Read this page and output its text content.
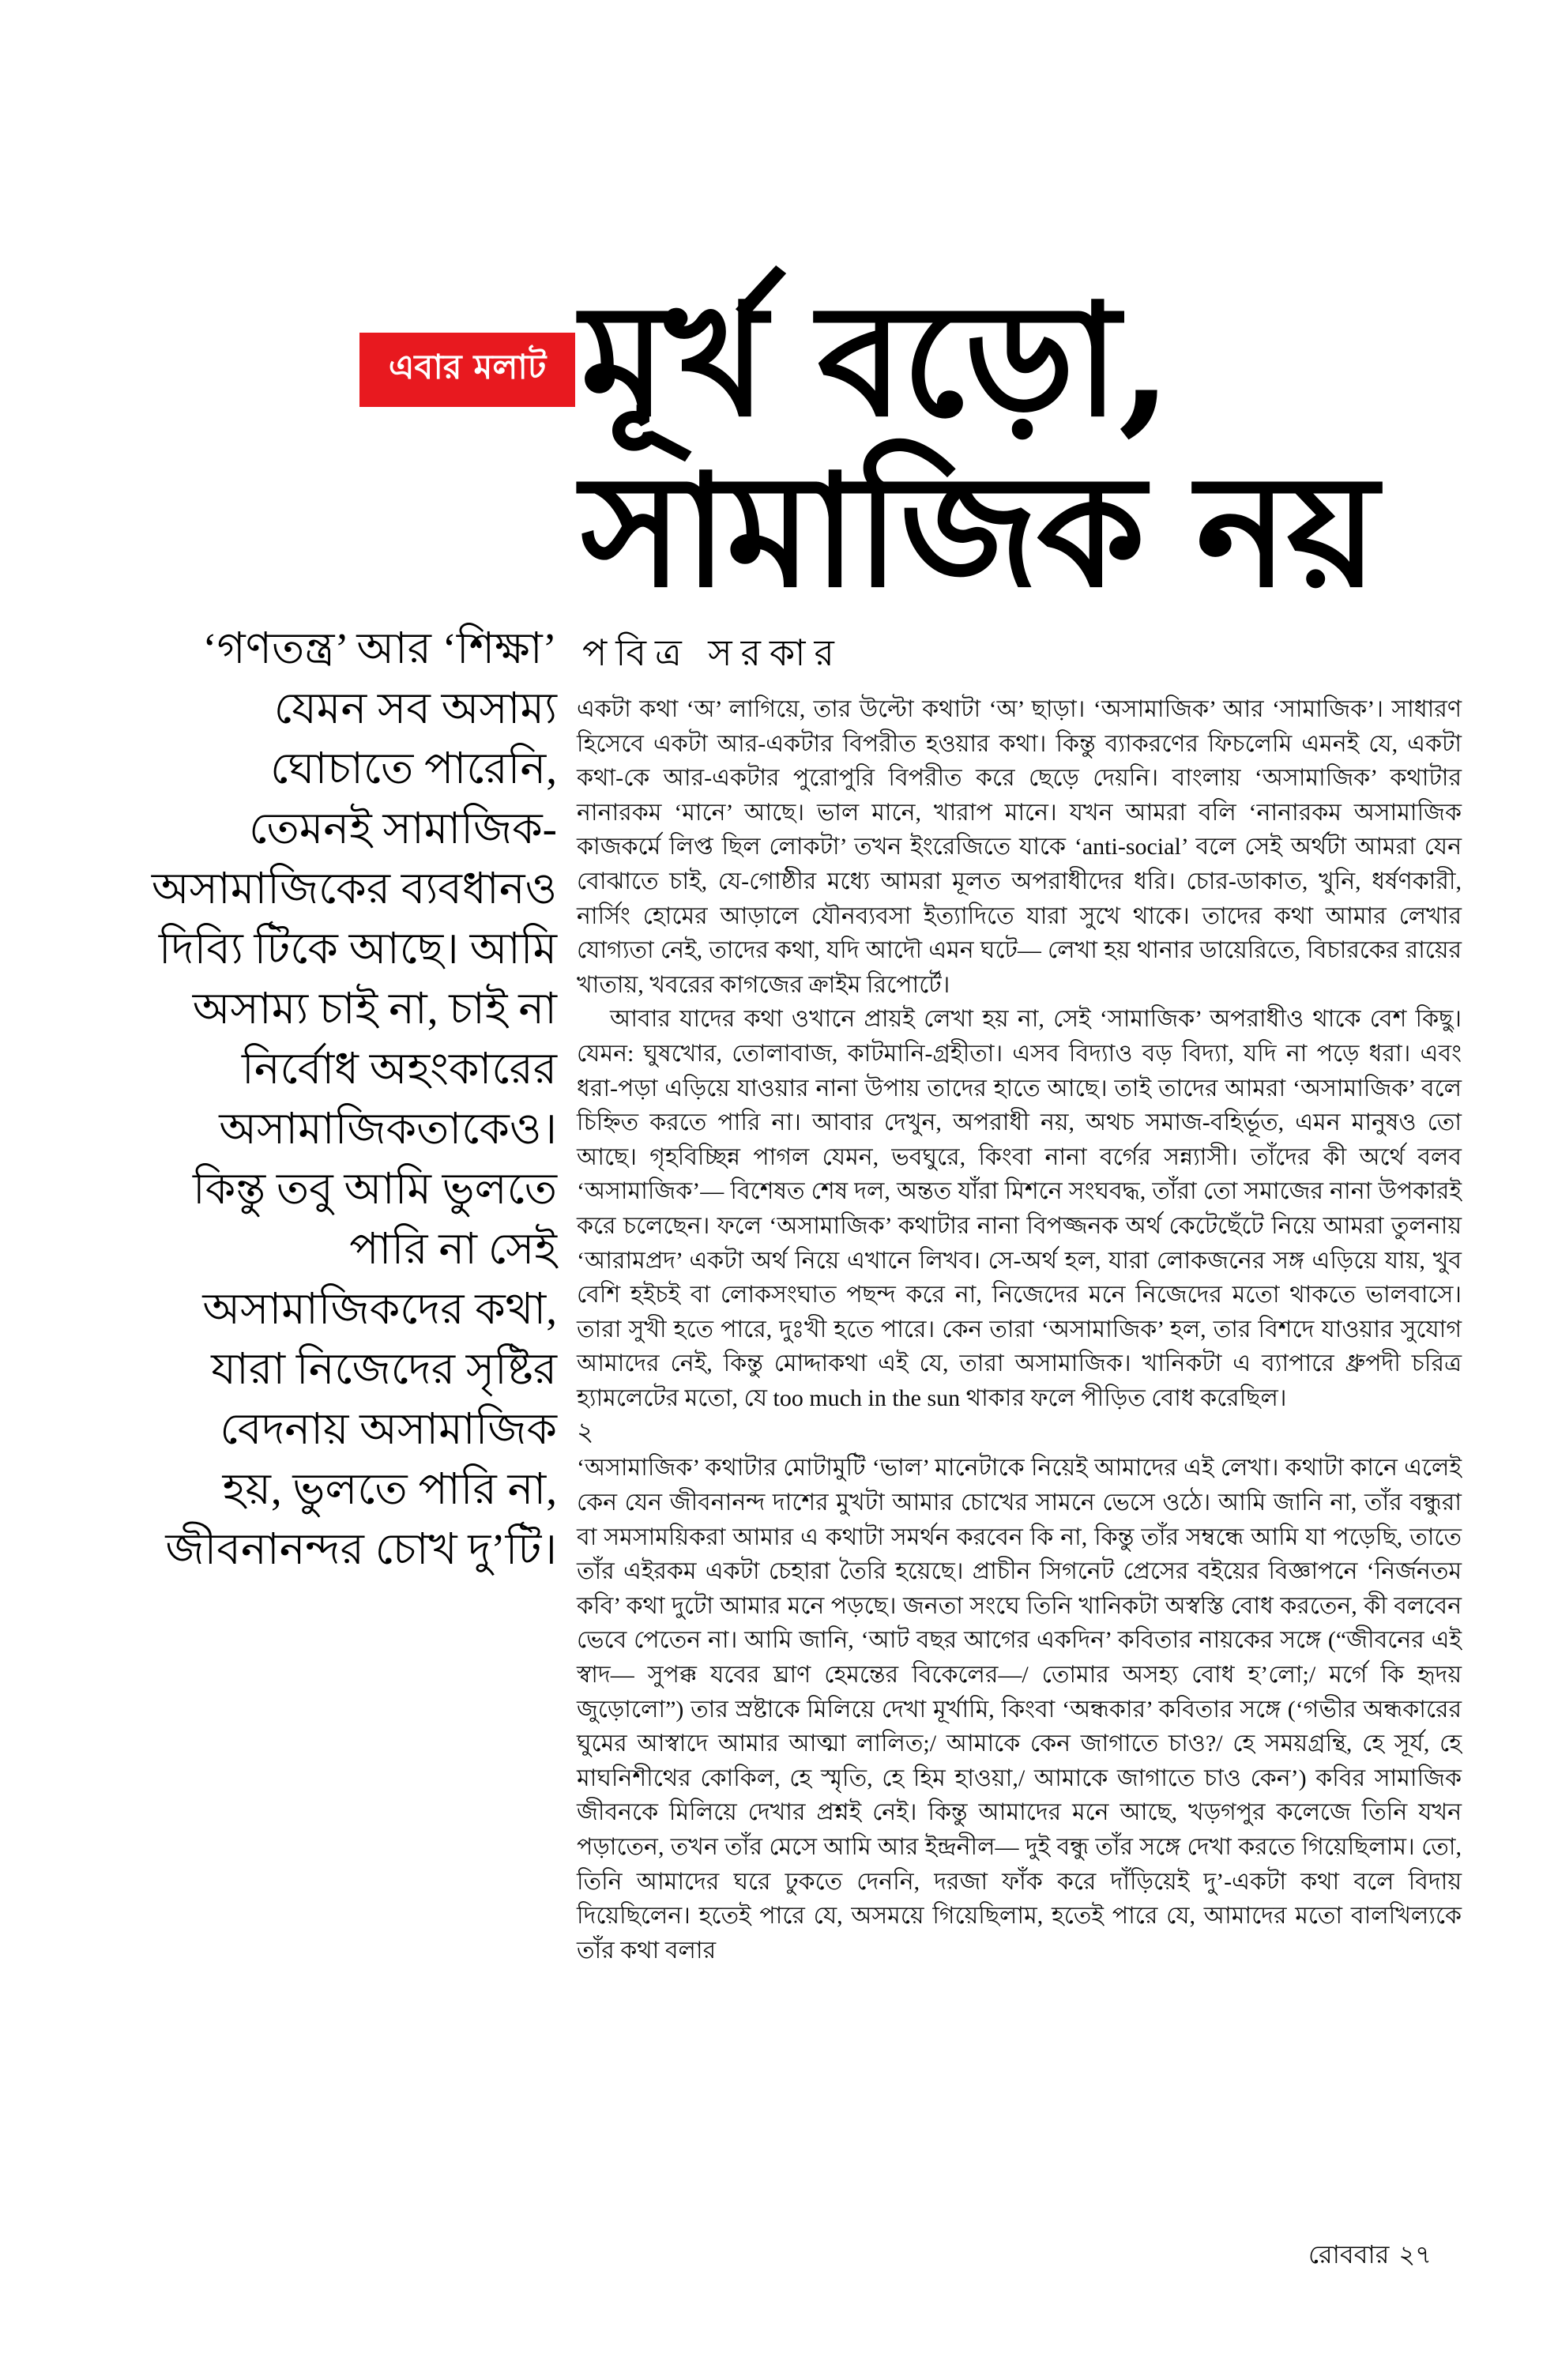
এবার মলাট মূর্খ বড়ো,
সামাজিক নয়
পবিত্র সরকার
‘গণতন্ত্র’ আর ‘শিক্ষা’
যেমন সব অসাম্য
ঘোচাতে পারেনি,
তেমনই সামাজিক-
অসামাজিকের ব্যবধানও
দিব্যি টিকে আছে। আমি
অসাম্য চাই না, চাই না
নির্বোধ অহংকারের
অসামাজিকতাকেও।
কিন্তু তবু আমি ভুলতে
পারি না সেই
অসামাজিকদের কথা,
যারা নিজেদের সৃষ্টির
বেদনায় অসামাজিক
হয়, ভুলতে পারি না,
জীবনানন্দর চোখ দু’টি।

একটা কথা ‘অ’ লাগিয়ে, তার উল্টো কথাটা ‘অ’ ছাড়া। ‘অসামাজিক’ আর ‘সামাজিক’। সাধারণ হিসেবে একটা আর-একটার বিপরীত হওয়ার কথা। কিন্তু ব্যাকরণের ফিচলেমি এমনই যে, একটা কথা-কে আর-একটার পুরোপুরি বিপরীত করে ছেড়ে দেয়নি। বাংলায় ‘অসামাজিক’ কথাটার নানারকম ‘মানে’ আছে। ভাল মানে, খারাপ মানে। যখন আমরা বলি ‘নানারকম অসামাজিক কাজকর্মে লিপ্ত ছিল লোকটা’ তখন ইংরেজিতে যাকে ‘anti-social’ বলে সেই অর্থটা আমরা যেন বোঝাতে চাই, যে-গোষ্ঠীর মধ্যে আমরা মূলত অপরাধীদের ধরি। চোর-ডাকাত, খুনি, ধর্ষণকারী, নার্সিং হোমের আড়ালে যৌনব্যবসা ইত্যাদিতে যারা সুখে থাকে। তাদের কথা আমার লেখার যোগ্যতা নেই, তাদের কথা, যদি আদৌ এমন ঘটে— লেখা হয় থানার ডায়েরিতে, বিচারকের রায়ের খাতায়, খবরের কাগজের ক্রাইম রিপোর্টে।

আবার যাদের কথা ওখানে প্রায়ই লেখা হয় না, সেই ‘সামাজিক’ অপরাধীও থাকে বেশ কিছু। যেমন: ঘুষখোর, তোলাবাজ, কাটমানি-গ্রহীতা। এসব বিদ্যাও বড় বিদ্যা, যদি না পড়ে ধরা। এবং ধরা-পড়া এড়িয়ে যাওয়ার নানা উপায় তাদের হাতে আছে। তাই তাদের আমরা ‘অসামাজিক’ বলে চিহ্নিত করতে পারি না। আবার দেখুন, অপরাধী নয়, অথচ সমাজ-বহির্ভূত, এমন মানুষও তো আছে। গৃহবিচ্ছিন্ন পাগল যেমন, ভবঘুরে, কিংবা নানা বর্গের সন্ন্যাসী। তাঁদের কী অর্থে বলব ‘অসামাজিক’— বিশেষত শেষ দল, অন্তত যাঁরা মিশনে সংঘবদ্ধ, তাঁরা তো সমাজের নানা উপকারই করে চলেছেন। ফলে ‘অসামাজিক’ কথাটার নানা বিপজ্জনক অর্থ কেটেছেঁটে নিয়ে আমরা তুলনায় ‘আরামপ্রদ’ একটা অর্থ নিয়ে এখানে লিখব। সে-অর্থ হল, যারা লোকজনের সঙ্গ এড়িয়ে যায়, খুব বেশি হইচই বা লোকসংঘাত পছন্দ করে না, নিজেদের মনে নিজেদের মতো থাকতে ভালবাসে। তারা সুখী হতে পারে, দুঃখী হতে পারে। কেন তারা ‘অসামাজিক’ হল, তার বিশদে যাওয়ার সুযোগ আমাদের নেই, কিন্তু মোদ্দাকথা এই যে, তারা অসামাজিক। খানিকটা এ ব্যাপারে ধ্রুপদী চরিত্র হ্যামলেটের মতো, যে too much in the sun থাকার ফলে পীড়িত বোধ করেছিল।

২

‘অসামাজিক’ কথাটার মোটামুটি ‘ভাল’ মানেটাকে নিয়েই আমাদের এই লেখা। কথাটা কানে এলেই কেন যেন জীবনানন্দ দাশের মুখটা আমার চোখের সামনে ভেসে ওঠে। আমি জানি না, তাঁর বন্ধুরা বা সমসাময়িকরা আমার এ কথাটা সমর্থন করবেন কি না, কিন্তু তাঁর সম্বন্ধে আমি যা পড়েছি, তাতে তাঁর এইরকম একটা চেহারা তৈরি হয়েছে। প্রাচীন সিগনেট প্রেসের বইয়ের বিজ্ঞাপনে ‘নির্জনতম কবি’ কথা দুটো আমার মনে পড়ছে। জনতা সংঘে তিনি খানিকটা অস্বস্তি বোধ করতেন, কী বলবেন ভেবে পেতেন না। আমি জানি, ‘আট বছর আগের একদিন’ কবিতার নায়কের সঙ্গে (“জীবনের এই স্বাদ— সুপক্ক যবের ঘ্রাণ হেমন্তের বিকেলের—/ তোমার অসহ্য বোধ হ’লো;/ মর্গে কি হৃদয় জুড়োলো”) তার স্রষ্টাকে মিলিয়ে দেখা মূর্খামি, কিংবা ‘অন্ধকার’ কবিতার সঙ্গে (‘গভীর অন্ধকারের ঘুমের আস্বাদে আমার আত্মা লালিত;/ আমাকে কেন জাগাতে চাও?/ হে সময়গ্রন্থি, হে সূর্য, হে মাঘনিশীথের কোকিল, হে স্মৃতি, হে হিম হাওয়া,/ আমাকে জাগাতে চাও কেন’) কবির সামাজিক জীবনকে মিলিয়ে দেখার প্রশ্নই নেই। কিন্তু আমাদের মনে আছে, খড়গপুর কলেজে তিনি যখন পড়াতেন, তখন তাঁর মেসে আমি আর ইন্দ্রনীল— দুই বন্ধু তাঁর সঙ্গে দেখা করতে গিয়েছিলাম। তো, তিনি আমাদের ঘরে ঢুকতে দেননি, দরজা ফাঁক করে দাঁড়িয়েই দু’-একটা কথা বলে বিদায় দিয়েছিলেন। হতেই পারে যে, অসময়ে গিয়েছিলাম, হতেই পারে যে, আমাদের মতো বালখিল্যকে তাঁর কথা বলার

রোববার ২৭
